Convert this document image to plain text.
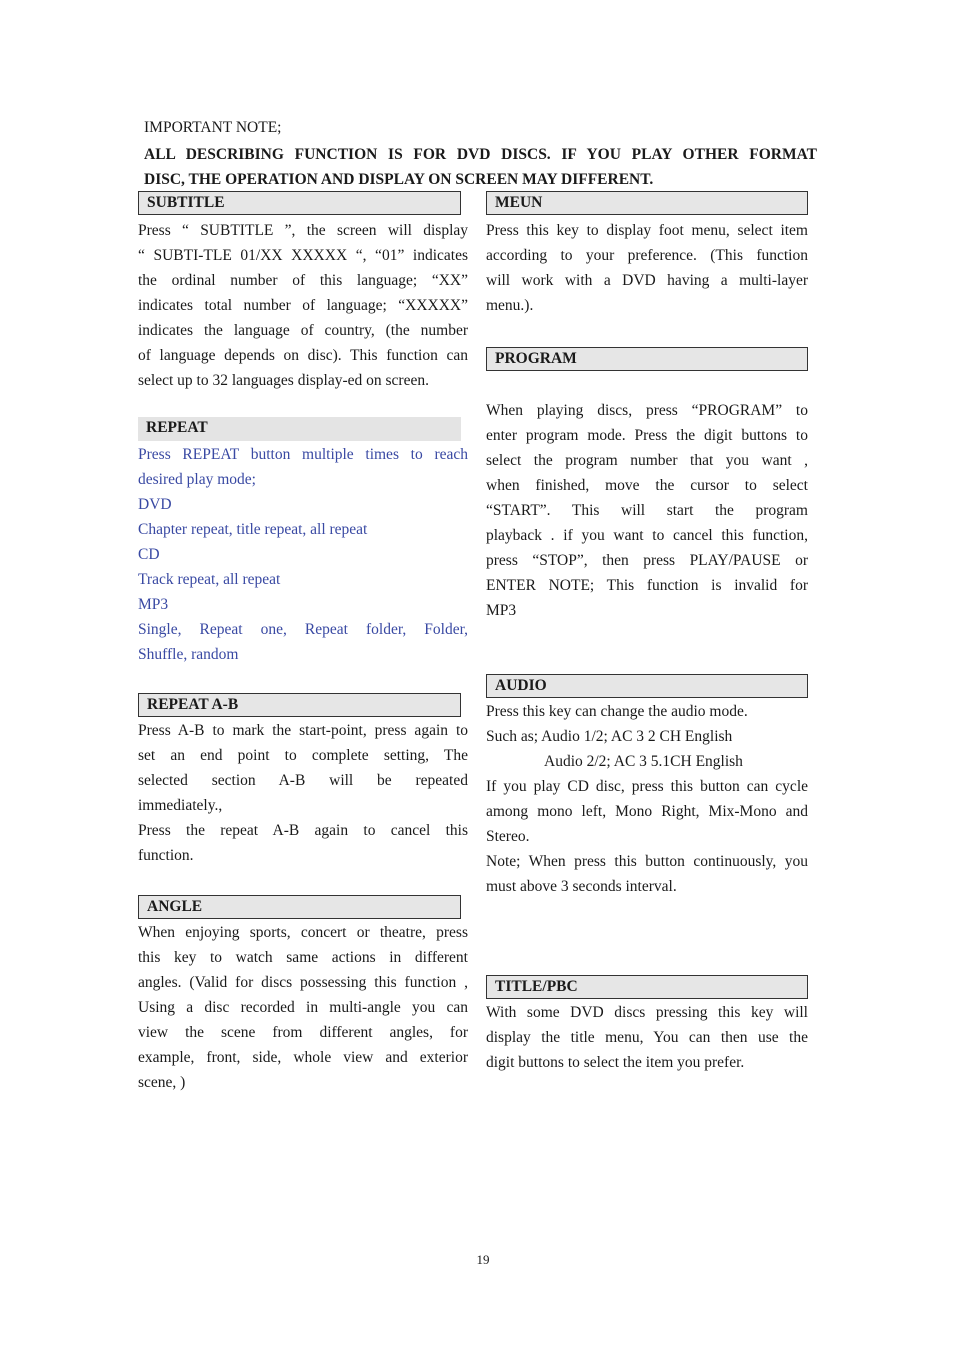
IMPORTANT NOTE;
ALL DESCRIBING FUNCTION IS FOR DVD DISCS. IF YOU PLAY OTHER FORMAT
DISC, THE OPERATION AND DISPLAY ON SCREEN MAY DIFFERENT.
SUBTITLE

Press “ SUBTITLE ”, the screen will display

“ SUBTI-TLE 01/XX XXXXX “, “01” indicates

the ordinal number of this language; “XX”

indicates total number of language; “XXXXX”

indicates the language of country, (the number

of language depends on disc). This function can

select up to 32 languages display-ed on screen.

REPEAT

Press REPEAT button multiple times to reach

desired play mode;

DVD

Chapter repeat, title repeat, all repeat

CD

Track repeat, all repeat

MP3

Single, Repeat one, Repeat folder, Folder,

Shuffle, random

REPEAT A-B

Press A-B to mark the start-point, press again to

set an end point to complete setting, The

selected section A-B will be repeated

immediately.,

Press the repeat A-B again to cancel this

function.

ANGLE

When enjoying sports, concert or theatre, press

this key to watch same actions in different

angles. (Valid for discs possessing this function ,

Using a disc recorded in multi-angle you can

view the scene from different angles, for

example, front, side, whole view and exterior

scene, )

MEUN

Press this key to display foot menu, select item

according to your preference. (This function

will work with a DVD having a multi-layer

menu.).

PROGRAM

When playing discs, press “PROGRAM” to

enter program mode. Press the digit buttons to

select the program number that you want ,

when finished, move the cursor to select

“START”. This will start the program

playback . if you want to cancel this function,

press “STOP”, then press PLAY/PAUSE or

ENTER NOTE; This function is invalid for

MP3

AUDIO

Press this key can change the audio mode.

Such as; Audio 1/2; AC 3 2 CH English

Audio 2/2; AC 3 5.1CH English

If you play CD disc, press this button can cycle

among mono left, Mono Right, Mix-Mono and

Stereo.

Note; When press this button continuously, you

must above 3 seconds interval.

TITLE/PBC

With some DVD discs pressing this key will

display the title menu, You can then use the

digit buttons to select the item you prefer.

19
